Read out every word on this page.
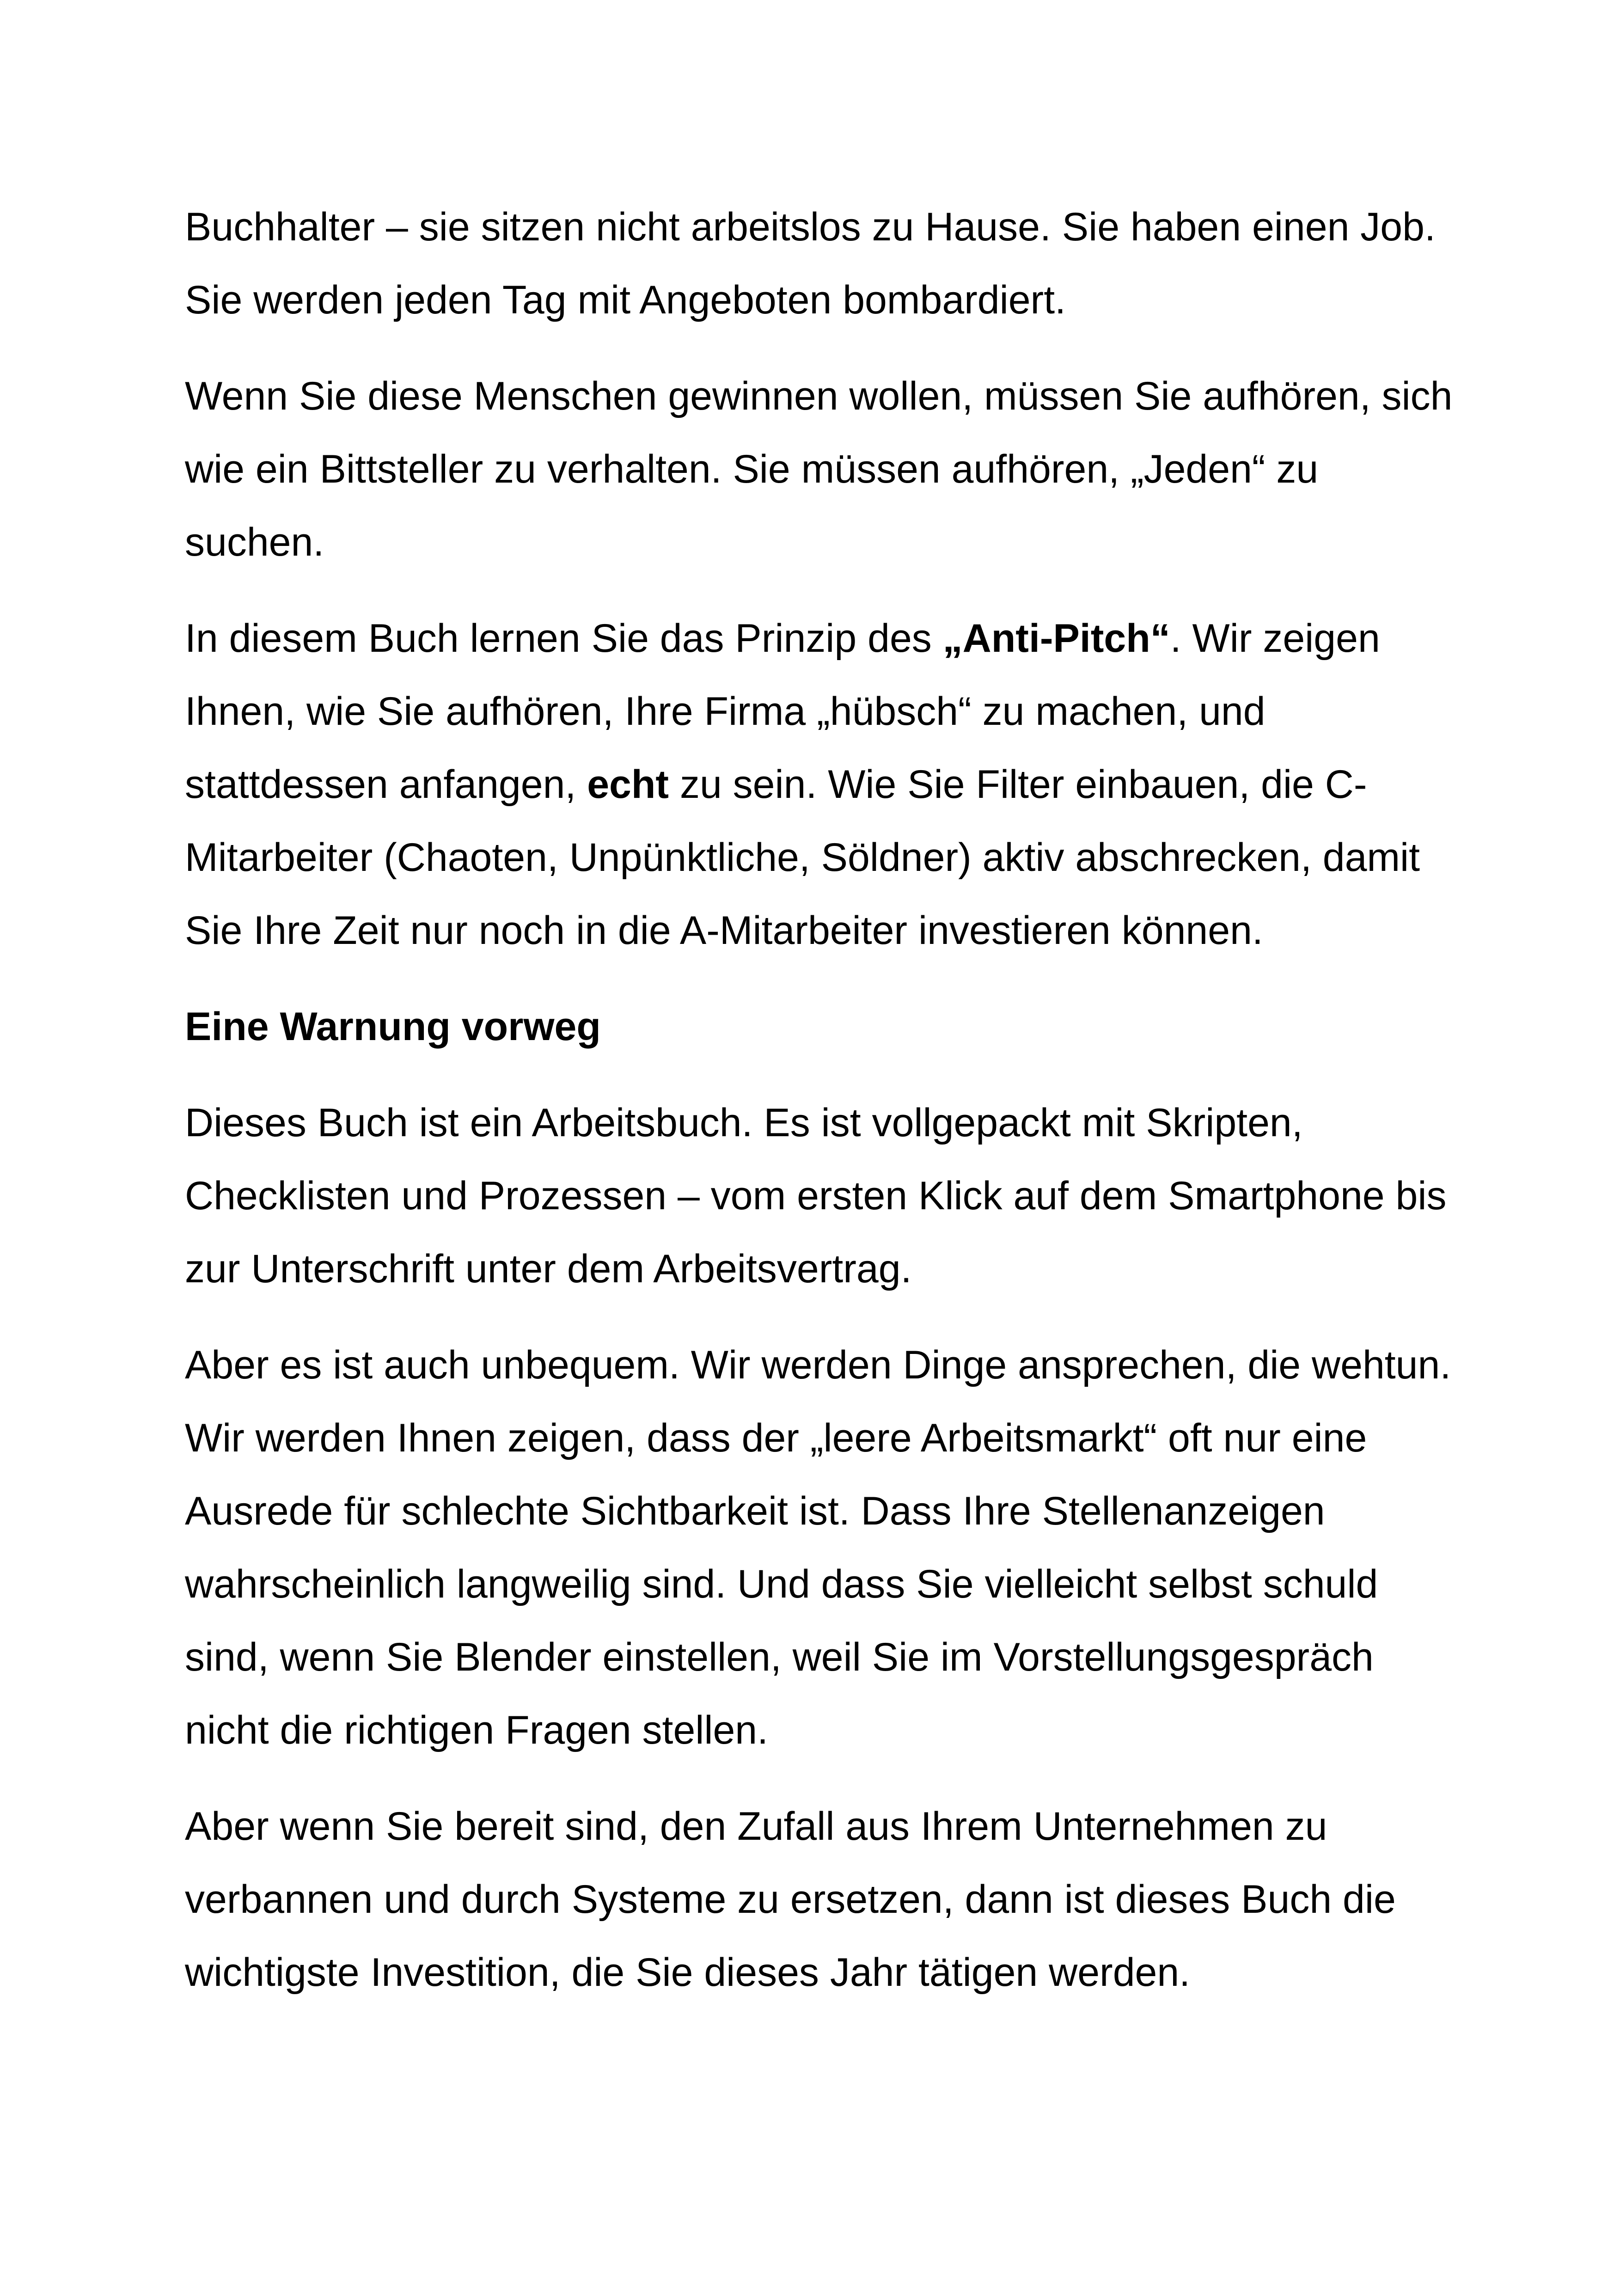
Buchhalter – sie sitzen nicht arbeitslos zu Hause. Sie haben einen Job. Sie werden jeden Tag mit Angeboten bombardiert.

Wenn Sie diese Menschen gewinnen wollen, müssen Sie aufhören, sich wie ein Bittsteller zu verhalten. Sie müssen aufhören, „Jeden“ zu suchen.

In diesem Buch lernen Sie das Prinzip des „Anti-Pitch“. Wir zeigen Ihnen, wie Sie aufhören, Ihre Firma „hübsch“ zu machen, und stattdessen anfangen, echt zu sein. Wie Sie Filter einbauen, die C-Mitarbeiter (Chaoten, Unpünktliche, Söldner) aktiv abschrecken, damit Sie Ihre Zeit nur noch in die A-Mitarbeiter investieren können.

Eine Warnung vorweg

Dieses Buch ist ein Arbeitsbuch. Es ist vollgepackt mit Skripten, Checklisten und Prozessen – vom ersten Klick auf dem Smartphone bis zur Unterschrift unter dem Arbeitsvertrag.

Aber es ist auch unbequem. Wir werden Dinge ansprechen, die wehtun. Wir werden Ihnen zeigen, dass der „leere Arbeitsmarkt“ oft nur eine Ausrede für schlechte Sichtbarkeit ist. Dass Ihre Stellenanzeigen wahrscheinlich langweilig sind. Und dass Sie vielleicht selbst schuld sind, wenn Sie Blender einstellen, weil Sie im Vorstellungsgespräch nicht die richtigen Fragen stellen.

Aber wenn Sie bereit sind, den Zufall aus Ihrem Unternehmen zu verbannen und durch Systeme zu ersetzen, dann ist dieses Buch die wichtigste Investition, die Sie dieses Jahr tätigen werden.
